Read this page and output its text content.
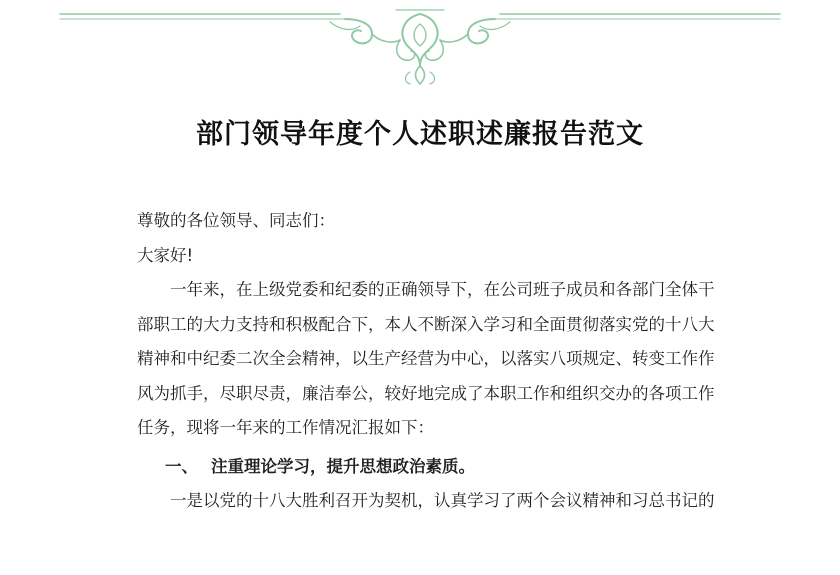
部门领导年度个人述职述廉报告范文

尊敬的各位领导、同志们：

大家好!

一年来，在上级党委和纪委的正确领导下，在公司班子成员和各部门全体干

部职工的大力支持和积极配合下，本人不断深入学习和全面贯彻落实党的十八大

精神和中纪委二次全会精神，以生产经营为中心，以落实八项规定、转变工作作

风为抓手，尽职尽责，廉洁奉公，较好地完成了本职工作和组织交办的各项工作

任务，现将一年来的工作情况汇报如下：

一、 注重理论学习，提升思想政治素质。

一是以党的十八大胜利召开为契机，认真学习了两个会议精神和习总书记的
